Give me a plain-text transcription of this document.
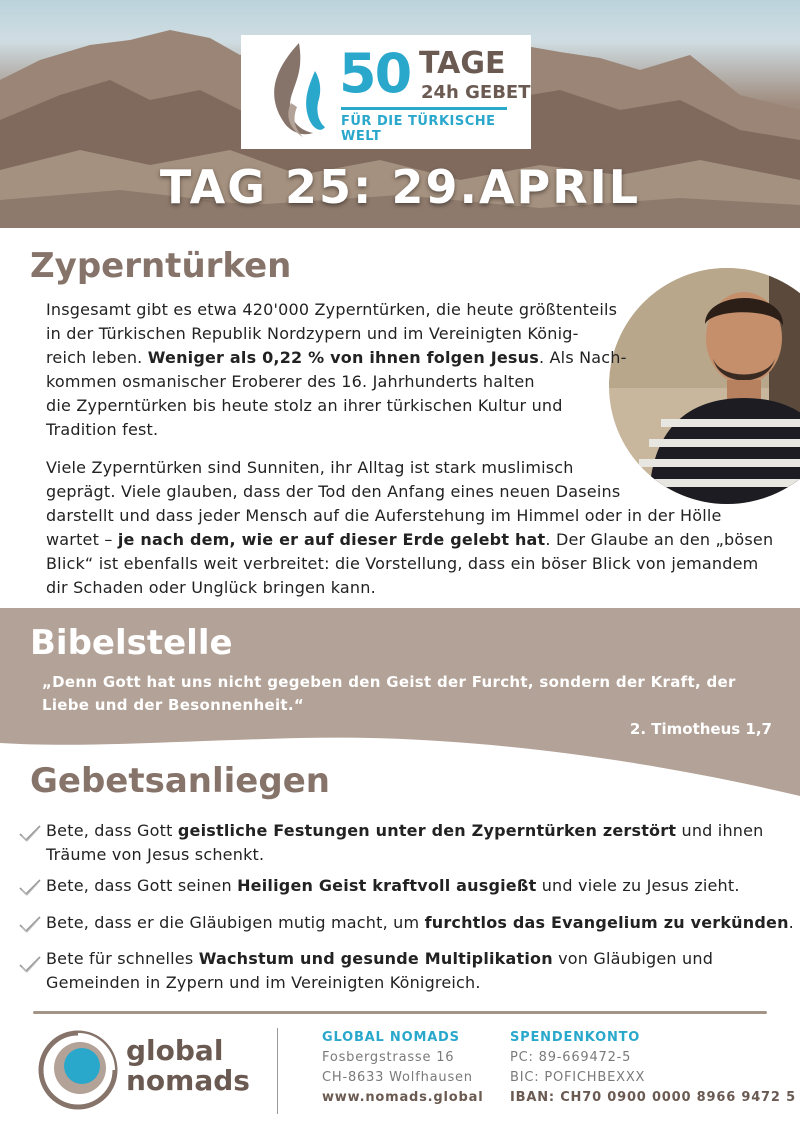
50 TAGE
24h GEBET
FÜR DIE TÜRKISCHE WELT
TAG 25: 29.APRIL
Zyperntürken
Insgesamt gibt es etwa 420'000 Zyperntürken, die heute größtenteils
in der Türkischen Republik Nordzypern und im Vereinigten König-
reich leben. Weniger als 0,22 % von ihnen folgen Jesus. Als Nach-
kommen osmanischer Eroberer des 16. Jahrhunderts halten
die Zyperntürken bis heute stolz an ihrer türkischen Kultur und
Tradition fest.
Viele Zyperntürken sind Sunniten, ihr Alltag ist stark muslimisch
geprägt. Viele glauben, dass der Tod den Anfang eines neuen Daseins
darstellt und dass jeder Mensch auf die Auferstehung im Himmel oder in der Hölle
wartet – je nach dem, wie er auf dieser Erde gelebt hat. Der Glaube an den „bösen
Blick“ ist ebenfalls weit verbreitet: die Vorstellung, dass ein böser Blick von jemandem
dir Schaden oder Unglück bringen kann.
Bibelstelle
„Denn Gott hat uns nicht gegeben den Geist der Furcht, sondern der Kraft, der Liebe und der Besonnenheit.“
2. Timotheus 1,7
Gebetsanliegen
Bete, dass Gott geistliche Festungen unter den Zyperntürken zerstört und ihnen
Träume von Jesus schenkt.
Bete, dass Gott seinen Heiligen Geist kraftvoll ausgießt und viele zu Jesus zieht.
Bete, dass er die Gläubigen mutig macht, um furchtlos das Evangelium zu verkünden.
Bete für schnelles Wachstum und gesunde Multiplikation von Gläubigen und
Gemeinden in Zypern und im Vereinigten Königreich.
global
nomads
GLOBAL NOMADS
Fosbergstrasse 16
CH-8633 Wolfhausen
www.nomads.global
SPENDENKONTO
PC: 89-669472-5
BIC: POFICHBEXXX
IBAN: CH70 0900 0000 8966 9472 5
